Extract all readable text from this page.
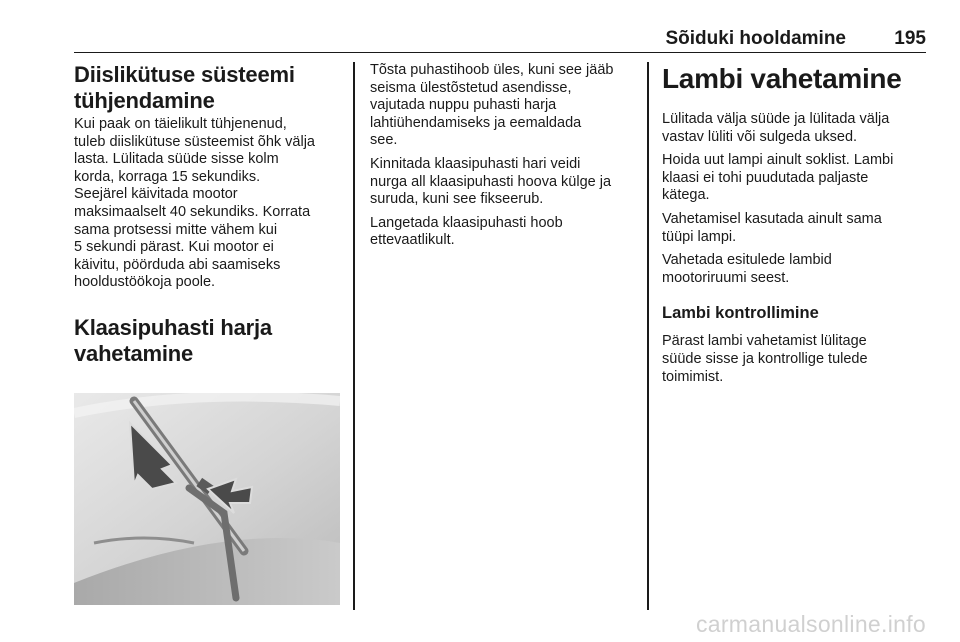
Sõiduki hooldamine	195
Diislikütuse süsteemi
tühjendamine

Kui paak on täielikult tühjenenud,
tuleb diislikütuse süsteemist õhk välja
lasta. Lülitada süüde sisse kolm
korda, korraga 15 sekundiks.
Seejärel käivitada mootor
maksimaalselt 40 sekundiks. Korrata
sama protsessi mitte vähem kui
5 sekundi pärast. Kui mootor ei
käivitu, pöörduda abi saamiseks
hooldustöökoja poole.

Klaasipuhasti harja
vahetamine

Tõsta puhastihoob üles, kuni see jääb
seisma ülestõstetud asendisse,
vajutada nuppu puhasti harja
lahtiühendamiseks ja eemaldada
see.

Kinnitada klaasipuhasti hari veidi
nurga all klaasipuhasti hoova külge ja
suruda, kuni see fikseerub.

Langetada klaasipuhasti hoob
ettevaatlikult.

Lambi vahetamine

Lülitada välja süüde ja lülitada välja
vastav lüliti või sulgeda uksed.

Hoida uut lampi ainult soklist. Lambi
klaasi ei tohi puudutada paljaste
kätega.

Vahetamisel kasutada ainult sama
tüüpi lampi.

Vahetada esitulede lambid
mootoriruumi seest.

Lambi kontrollimine

Pärast lambi vahetamist lülitage
süüde sisse ja kontrollige tulede
toimimist.

carmanualsonline.info
